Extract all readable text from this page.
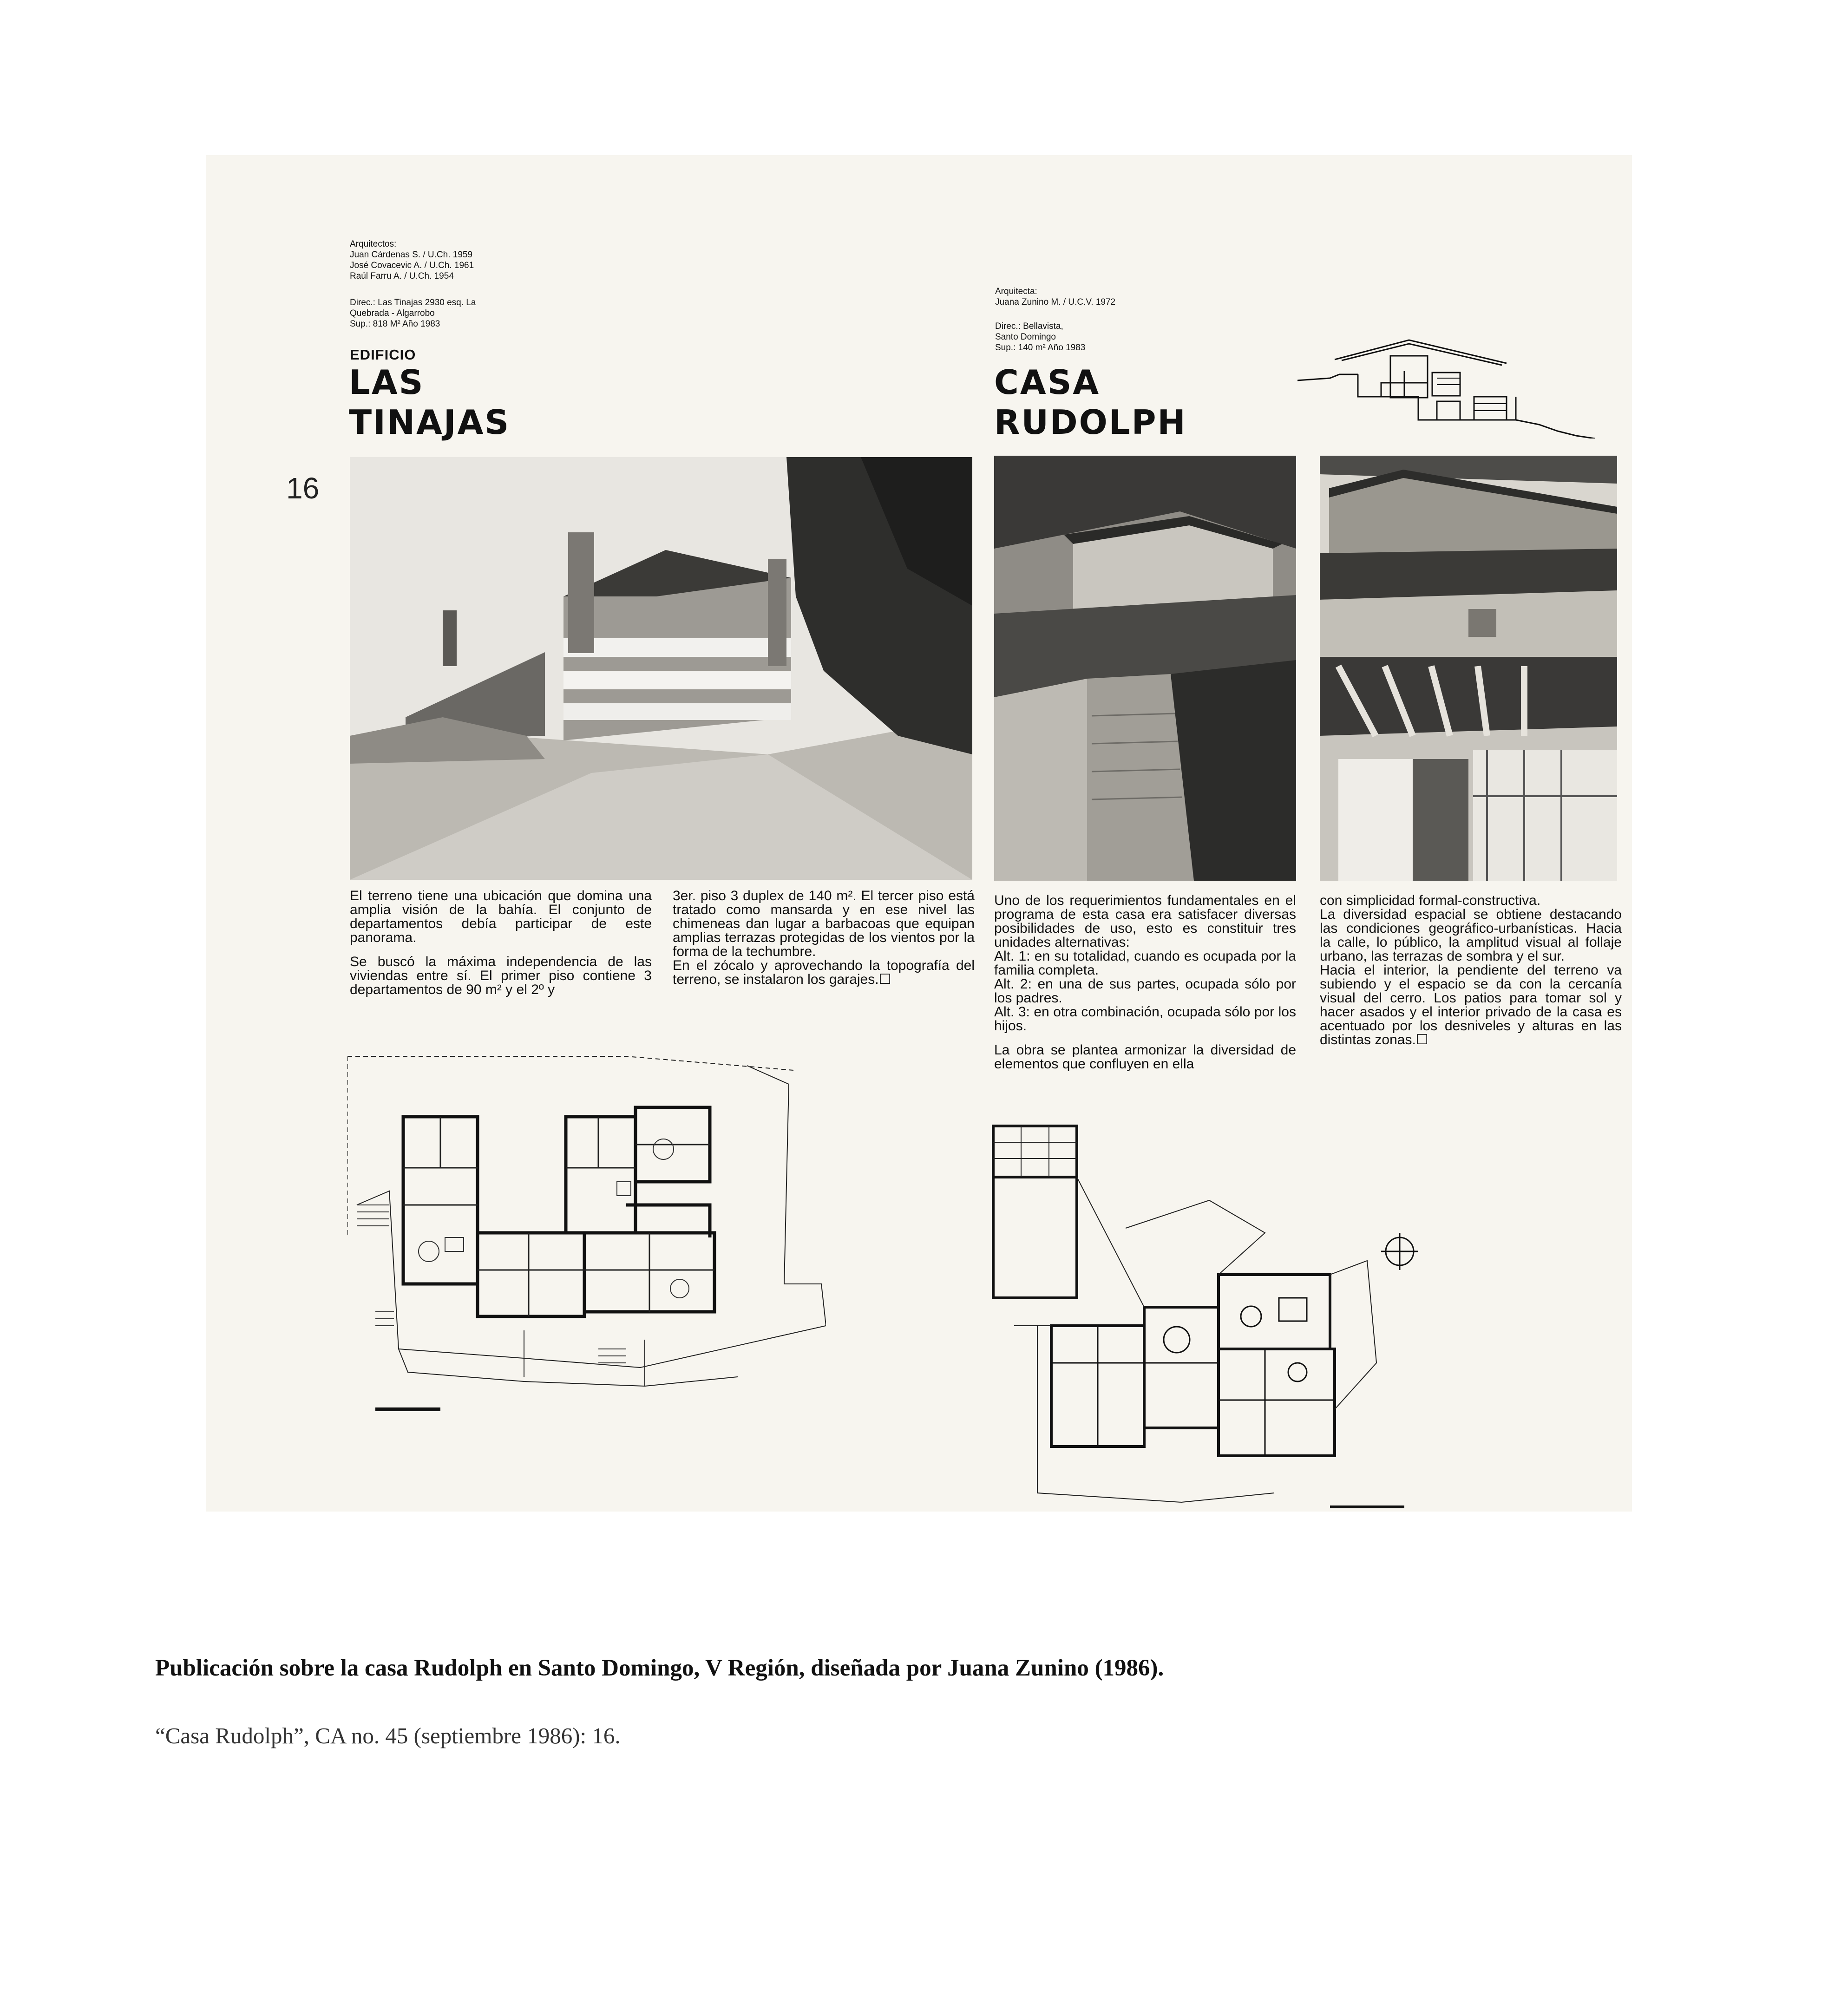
Arquitectos:
Juan Cárdenas S. / U.Ch. 1959
José Covacevic A. / U.Ch. 1961
Raúl Farru A. / U.Ch. 1954
Direc.: Las Tinajas 2930 esq. La
Quebrada - Algarrobo
Sup.: 818 M² Año 1983
EDIFICIO
LAS
TINAJAS
Arquitecta:
Juana Zunino M. / U.C.V. 1972
Direc.: Bellavista,
Santo Domingo
Sup.: 140 m² Año 1983
CASA
RUDOLPH
16

El terreno tiene una ubicación que domina una amplia visión de la bahía. El conjunto de departamentos debía participar de este panorama.

Se buscó la máxima independencia de las viviendas entre sí. El primer piso contiene 3 departamentos de 90 m² y el 2º y

3er. piso 3 duplex de 140 m². El tercer piso está tratado como mansarda y en ese nivel las chimeneas dan lugar a barbacoas que equipan amplias terrazas protegidas de los vientos por la forma de la techumbre.

En el zócalo y aprovechando la topografía del terreno, se instalaron los garajes.☐

Uno de los requerimientos fundamentales en el programa de esta casa era satisfacer diversas posibilidades de uso, esto es constituir tres unidades alternativas:

Alt. 1: en su totalidad, cuando es ocupada por la familia completa.

Alt. 2: en una de sus partes, ocupada sólo por los padres.

Alt. 3: en otra combinación, ocupada sólo por los hijos.

La obra se plantea armonizar la diversidad de elementos que confluyen en ella

con simplicidad formal-constructiva.

La diversidad espacial se obtiene destacando las condiciones geográfico-urbanísticas. Hacia la calle, lo público, la amplitud visual al follaje urbano, las terrazas de sombra y el sur.

Hacia el interior, la pendiente del terreno va subiendo y el espacio se da con la cercanía visual del cerro. Los patios para tomar sol y hacer asados y el interior privado de la casa es acentuado por los desniveles y alturas en las distintas zonas.☐

Publicación sobre la casa Rudolph en Santo Domingo, V Región, diseñada por Juana Zunino (1986).
“Casa Rudolph”, CA no. 45 (septiembre 1986): 16.
